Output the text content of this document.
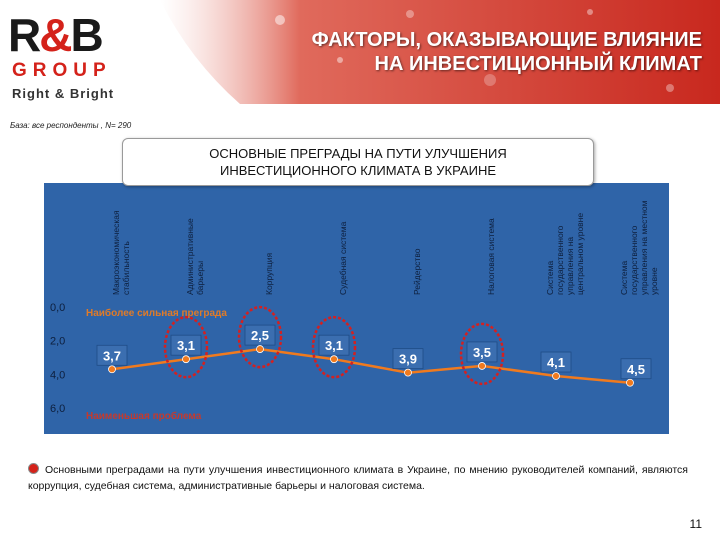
R&B
GROUP
Right & Bright
ФАКТОРЫ, ОКАЗЫВАЮЩИЕ ВЛИЯНИЕ
НА ИНВЕСТИЦИОННЫЙ КЛИМАТ
База: все респонденты , N= 290
0,0
2,0
4,0
6,0
Макроэкономическая стабильность	Административные барьеры	Коррупция	Судебная система	Рейдерство	Налоговая система	Система государственного управления на центральном уровне	Система государственного управления на местном уровне
Наиболее сильная преграда
Наименьшая проблема
3,7
3,1
2,5
3,1
3,9	3,5
4,1	4,5
ОСНОВНЫЕ ПРЕГРАДЫ НА ПУТИ УЛУЧШЕНИЯ
ИНВЕСТИЦИОННОГО КЛИМАТА В УКРАИНЕ
Основными преградами на пути улучшения инвестиционного климата в Украине, по мнению руководителей компаний, являются коррупция, судебная система, административные барьеры и налоговая система.
11
